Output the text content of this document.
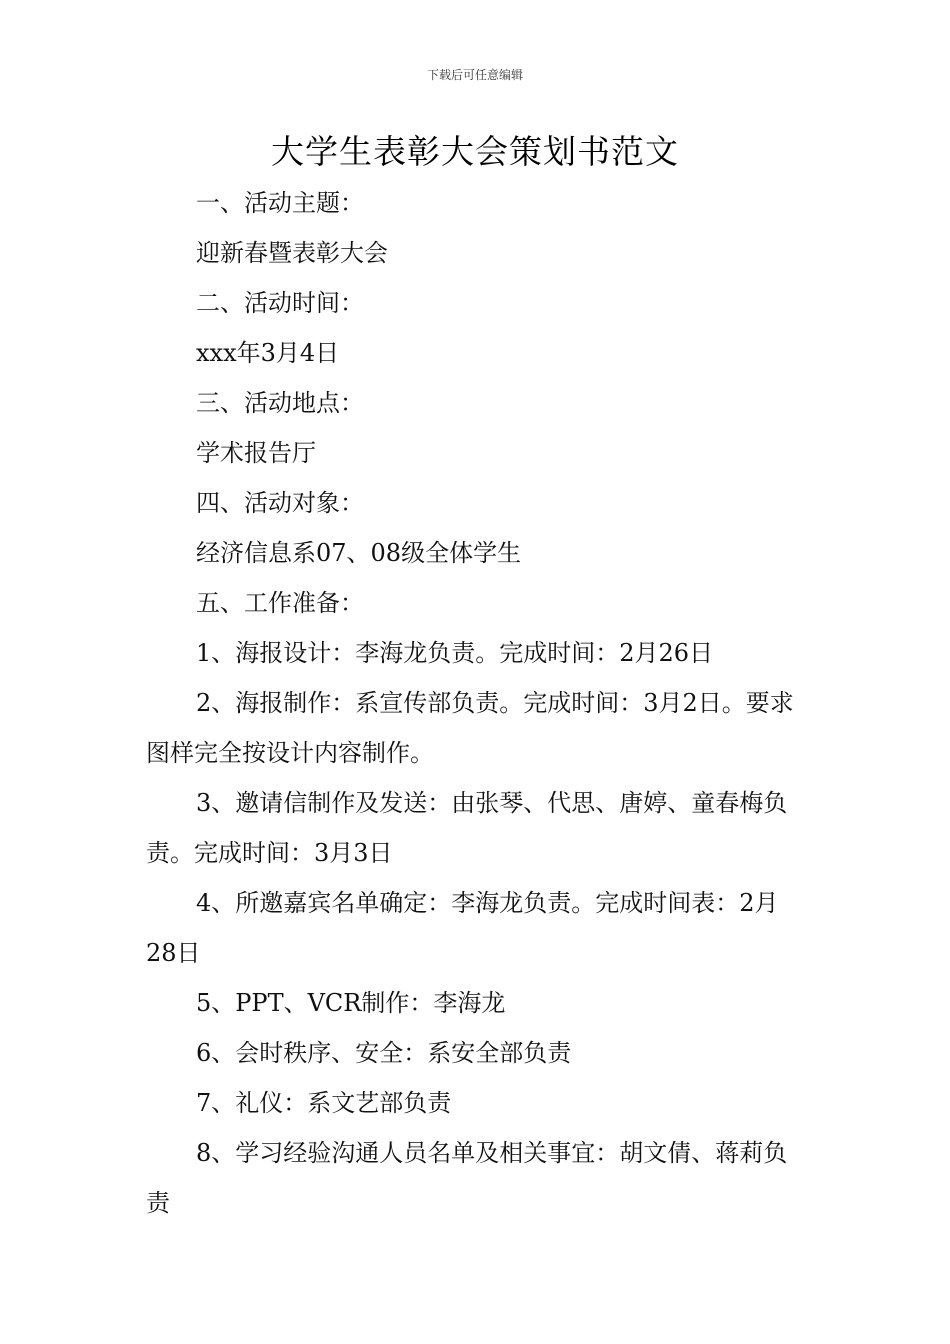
下载后可任意编辑
大学生表彰大会策划书范文

一、活动主题：

迎新春暨表彰大会

二、活动时间：

xxx年3月4日

三、活动地点：

学术报告厅

四、活动对象：

经济信息系07、08级全体学生

五、工作准备：

1、海报设计：李海龙负责。完成时间：2月26日

2、海报制作：系宣传部负责。完成时间：3月2日。要求图样完全按设计内容制作。

3、邀请信制作及发送：由张琴、代思、唐婷、童春梅负责。完成时间：3月3日

4、所邀嘉宾名单确定：李海龙负责。完成时间表：2月28日

5、PPT、VCR制作：李海龙

6、会时秩序、安全：系安全部负责

7、礼仪：系文艺部负责

8、学习经验沟通人员名单及相关事宜：胡文倩、蒋莉负责
